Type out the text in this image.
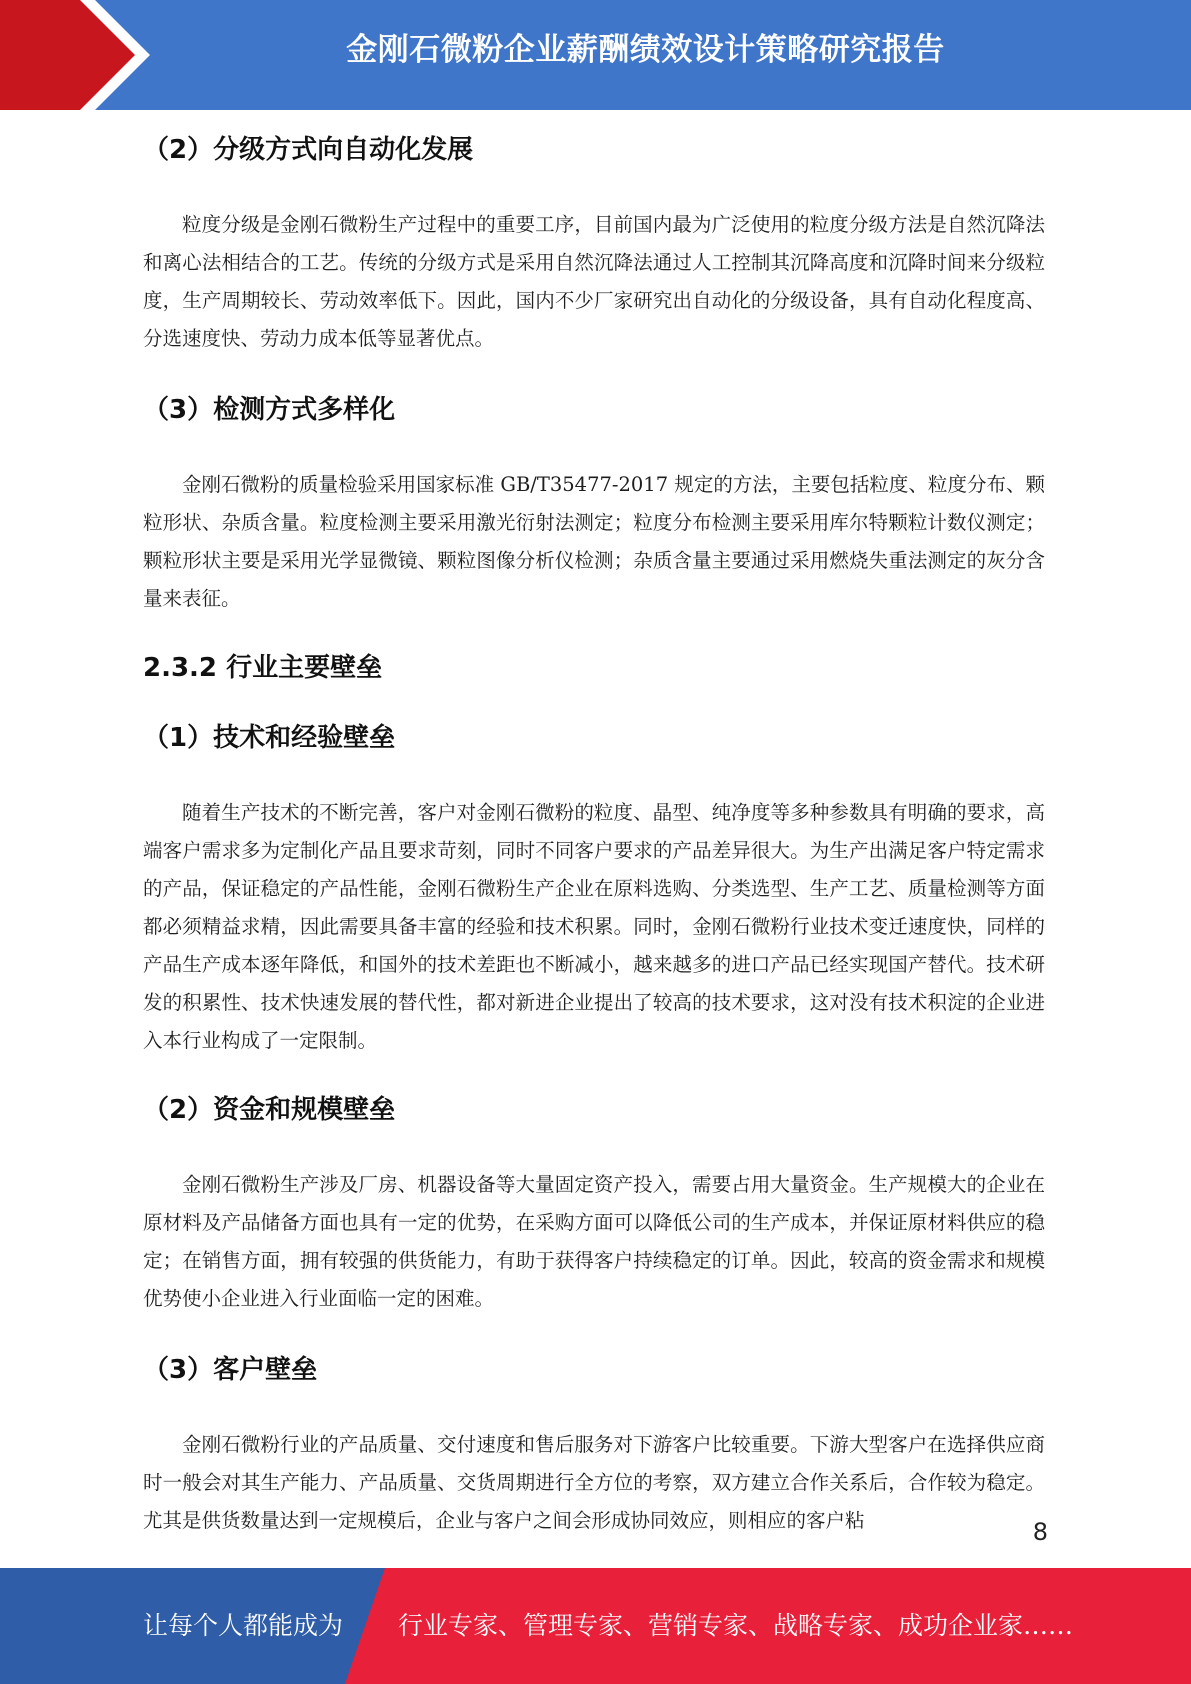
金刚石微粉企业薪酬绩效设计策略研究报告
（2）分级方式向自动化发展

粒度分级是金刚石微粉生产过程中的重要工序，目前国内最为广泛使用的粒度分级方法是自然沉降法和离心法相结合的工艺。传统的分级方式是采用自然沉降法通过人工控制其沉降高度和沉降时间来分级粒度，生产周期较长、劳动效率低下。因此，国内不少厂家研究出自动化的分级设备，具有自动化程度高、分选速度快、劳动力成本低等显著优点。

（3）检测方式多样化

金刚石微粉的质量检验采用国家标准 GB/T35477-2017 规定的方法，主要包括粒度、粒度分布、颗粒形状、杂质含量。粒度检测主要采用激光衍射法测定；粒度分布检测主要采用库尔特颗粒计数仪测定；颗粒形状主要是采用光学显微镜、颗粒图像分析仪检测；杂质含量主要通过采用燃烧失重法测定的灰分含量来表征。

2.3.2 行业主要壁垒
（1）技术和经验壁垒

随着生产技术的不断完善，客户对金刚石微粉的粒度、晶型、纯净度等多种参数具有明确的要求，高端客户需求多为定制化产品且要求苛刻，同时不同客户要求的产品差异很大。为生产出满足客户特定需求的产品，保证稳定的产品性能，金刚石微粉生产企业在原料选购、分类选型、生产工艺、质量检测等方面都必须精益求精，因此需要具备丰富的经验和技术积累。同时，金刚石微粉行业技术变迁速度快，同样的产品生产成本逐年降低，和国外的技术差距也不断减小，越来越多的进口产品已经实现国产替代。技术研发的积累性、技术快速发展的替代性，都对新进企业提出了较高的技术要求，这对没有技术积淀的企业进入本行业构成了一定限制。

（2）资金和规模壁垒

金刚石微粉生产涉及厂房、机器设备等大量固定资产投入，需要占用大量资金。生产规模大的企业在原材料及产品储备方面也具有一定的优势，在采购方面可以降低公司的生产成本，并保证原材料供应的稳定；在销售方面，拥有较强的供货能力，有助于获得客户持续稳定的订单。因此，较高的资金需求和规模优势使小企业进入行业面临一定的困难。

（3）客户壁垒

金刚石微粉行业的产品质量、交付速度和售后服务对下游客户比较重要。下游大型客户在选择供应商时一般会对其生产能力、产品质量、交货周期进行全方位的考察，双方建立合作关系后，合作较为稳定。尤其是供货数量达到一定规模后，企业与客户之间会形成协同效应，则相应的客户粘	8
让每个人都能成为 行业专家、管理专家、营销专家、战略专家、成功企业家……
